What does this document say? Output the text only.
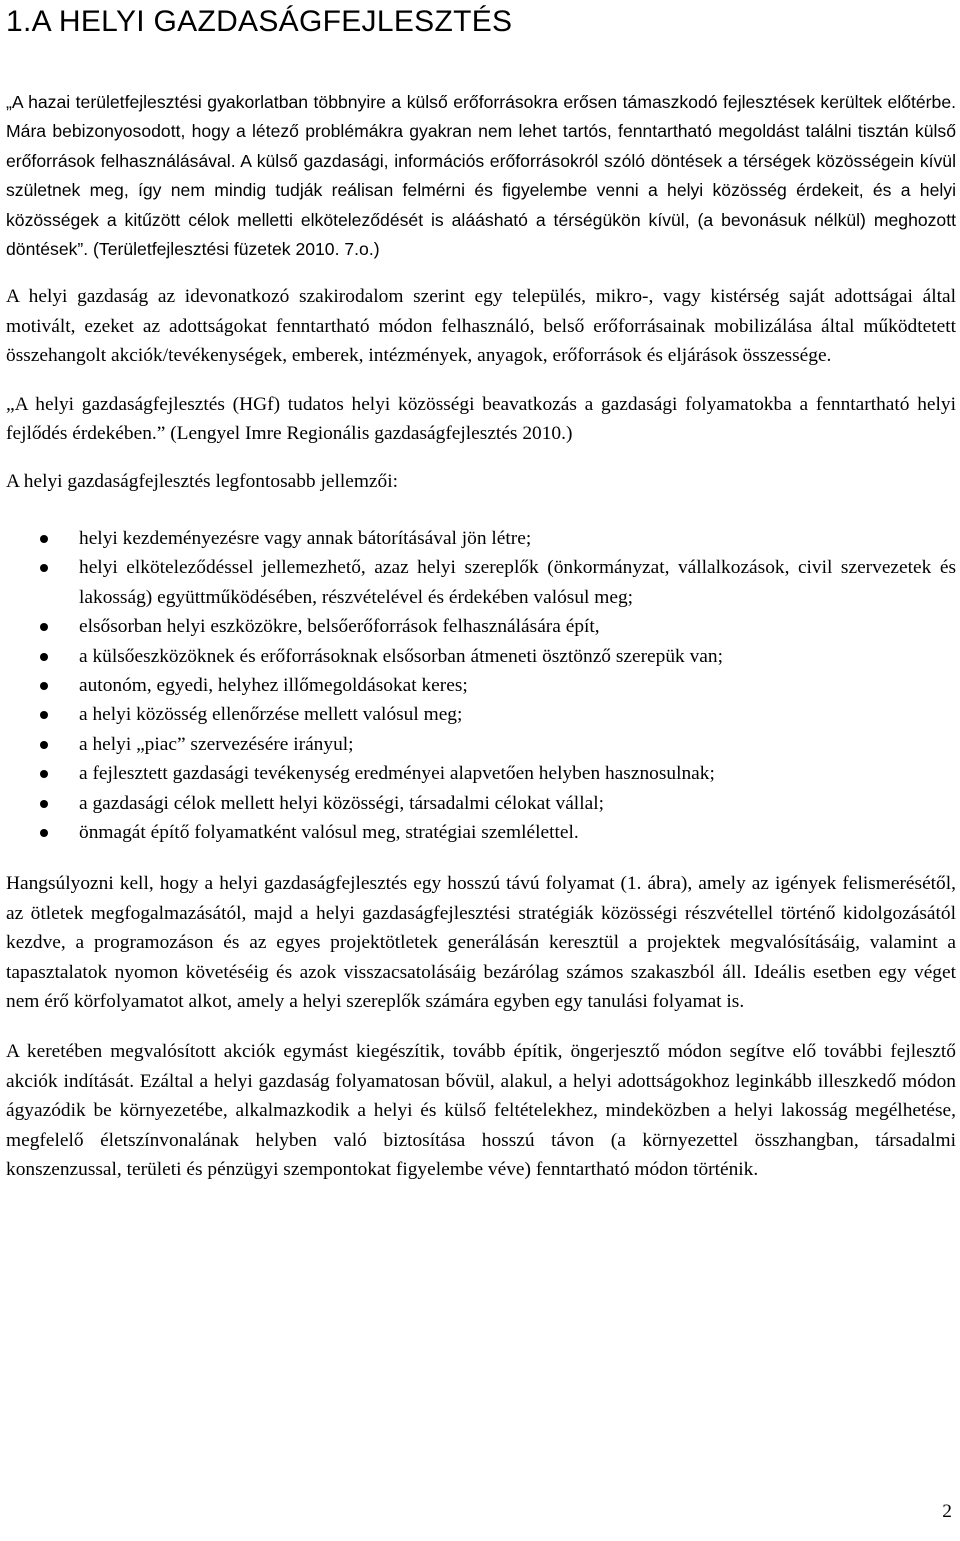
1.A HELYI GAZDASÁGFEJLESZTÉS

„A hazai területfejlesztési gyakorlatban többnyire a külső erőforrásokra erősen támaszkodó fejlesztések kerültek előtérbe. Mára bebizonyosodott, hogy a létező problémákra gyakran nem lehet tartós, fenntartható megoldást találni tisztán külső erőforrások felhasználásával. A külső gazdasági, információs erőforrásokról szóló döntések a térségek közösségein kívül születnek meg, így nem mindig tudják reálisan felmérni és figyelembe venni a helyi közösség érdekeit, és a helyi közösségek a kitűzött célok melletti elköteleződését is aláásható a térségükön kívül, (a bevonásuk nélkül) meghozott döntések”. (Területfejlesztési füzetek 2010. 7.o.)

A helyi gazdaság az idevonatkozó szakirodalom szerint egy település, mikro-, vagy kistérség saját adottságai által motivált, ezeket az adottságokat fenntartható módon felhasználó, belső erőforrásainak mobilizálása által működtetett összehangolt akciók/tevékenységek, emberek, intézmények, anyagok, erőforrások és eljárások összessége.

„A helyi gazdaságfejlesztés (HGf) tudatos helyi közösségi beavatkozás a gazdasági folyamatokba a fenntartható helyi fejlődés érdekében.” (Lengyel Imre Regionális gazdaságfejlesztés 2010.)

A helyi gazdaságfejlesztés legfontosabb jellemzői:

helyi kezdeményezésre vagy annak bátorításával jön létre;
helyi elköteleződéssel jellemezhető, azaz helyi szereplők (önkormányzat, vállalkozások, civil szervezetek és lakosság) együttműködésében, részvételével és érdekében valósul meg;
elsősorban helyi eszközökre, belsőerőforrások felhasználására épít,
a külsőeszközöknek és erőforrásoknak elsősorban átmeneti ösztönző szerepük van;
autonóm, egyedi, helyhez illőmegoldásokat keres;
a helyi közösség ellenőrzése mellett valósul meg;
a helyi „piac” szervezésére irányul;
a fejlesztett gazdasági tevékenység eredményei alapvetően helyben hasznosulnak;
a gazdasági célok mellett helyi közösségi, társadalmi célokat vállal;
önmagát építő folyamatként valósul meg, stratégiai szemlélettel.

Hangsúlyozni kell, hogy a helyi gazdaságfejlesztés egy hosszú távú folyamat (1. ábra), amely az igények felismerésétől, az ötletek megfogalmazásától, majd a helyi gazdaságfejlesztési stratégiák közösségi részvétellel történő kidolgozásától kezdve, a programozáson és az egyes projektötletek generálásán keresztül a projektek megvalósításáig, valamint a tapasztalatok nyomon követéséig és azok visszacsatolásáig bezárólag számos szakaszból áll. Ideális esetben egy véget nem érő körfolyamatot alkot, amely a helyi szereplők számára egyben egy tanulási folyamat is.

A keretében megvalósított akciók egymást kiegészítik, tovább építik, öngerjesztő módon segítve elő további fejlesztő akciók indítását. Ezáltal a helyi gazdaság folyamatosan bővül, alakul, a helyi adottságokhoz leginkább illeszkedő módon ágyazódik be környezetébe, alkalmazkodik a helyi és külső feltételekhez, mindeközben a helyi lakosság megélhetése, megfelelő életszínvonalának helyben való biztosítása hosszú távon (a környezettel összhangban, társadalmi konszenzussal, területi és pénzügyi szempontokat figyelembe véve) fenntartható módon történik.

2
